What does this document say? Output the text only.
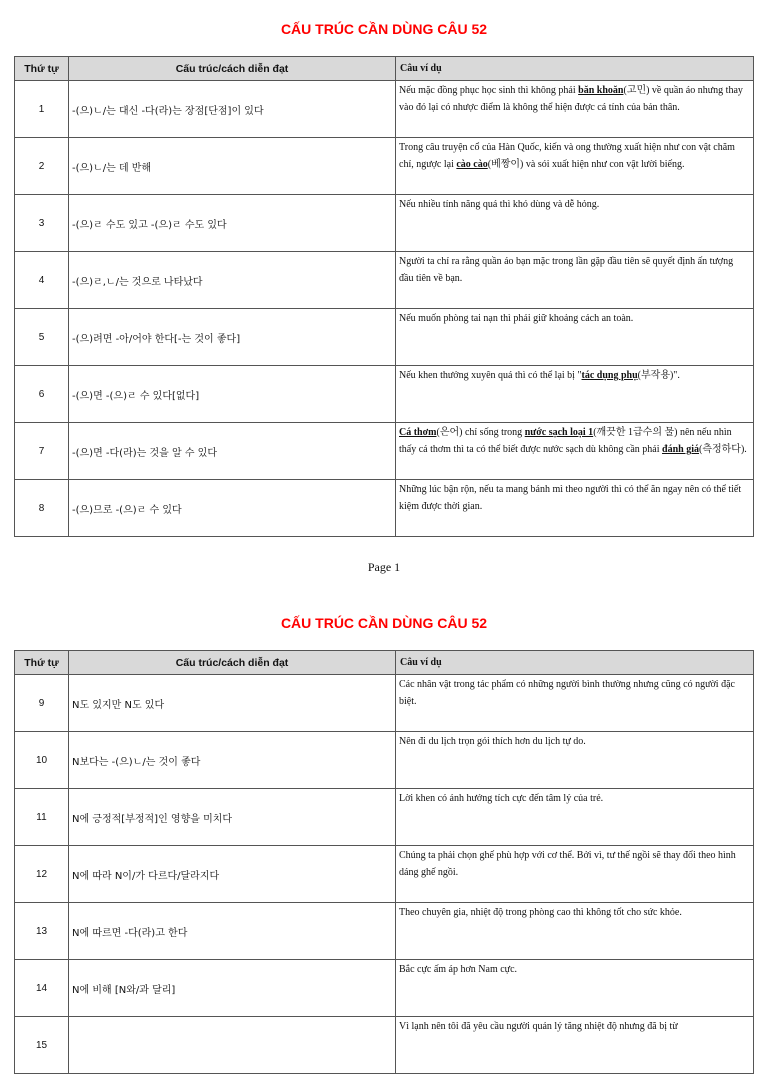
CẤU TRÚC CẦN DÙNG CÂU 52
Thứ tự	Cấu trúc/cách diễn đạt	Câu ví dụ
1	-(으)ㄴ/는 대신 -다(라)는 장점[단점]이 있다	Nếu mặc đồng phục học sinh thì không phải băn khoăn(고민) về quần áo nhưng thay vào đó lại có nhược điểm là không thể hiện được cá tính của bản thân.
2	-(으)ㄴ/는 데 반해	Trong câu truyện cổ của Hàn Quốc, kiến và ong thường xuất hiện như con vật chăm chỉ, ngược lại cào cào(베짱이) và sói xuất hiện như con vật lười biếng.
3	-(으)ㄹ 수도 있고 -(으)ㄹ 수도 있다	Nếu nhiều tính năng quá thì khó dùng và dễ hỏng.
4	-(으)ㄹ,ㄴ/는 것으로 나타났다	Người ta chỉ ra rằng quần áo bạn mặc trong lần gặp đầu tiên sẽ quyết định ấn tượng đầu tiên về bạn.
5	-(으)려면 -아/어야 한다[-는 것이 좋다]	Nếu muốn phòng tai nạn thì phải giữ khoảng cách an toàn.
6	-(으)면 -(으)ㄹ 수 있다[없다]	Nếu khen thưởng xuyên quá thì có thể lại bị "tác dụng phụ(부작용)".
7	-(으)면 -다(라)는 것을 알 수 있다	Cá thơm(은어) chỉ sống trong nước sạch loại 1(깨끗한 1급수의 물) nên nếu nhìn thấy cá thơm thì ta có thể biết được nước sạch dù không cần phải đánh giá(측정하다).
8	-(으)므로 -(으)ㄹ 수 있다	Những lúc bận rộn, nếu ta mang bánh mì theo người thì có thể ăn ngay nên có thể tiết kiệm được thời gian.
Page 1
CẤU TRÚC CẦN DÙNG CÂU 52
Thứ tự	Cấu trúc/cách diễn đạt	Câu ví dụ
9	N도 있지만 N도 있다	Các nhân vật trong tác phẩm có những người bình thường nhưng cũng có người đặc biệt.
10	N보다는 -(으)ㄴ/는 것이 좋다	Nên đi du lịch trọn gói thích hơn du lịch tự do.
11	N에 긍정적[부정적]인 영향을 미치다	Lời khen có ảnh hưởng tích cực đến tâm lý của trẻ.
12	N에 따라 N이/가 다르다/달라지다	Chúng ta phải chọn ghế phù hợp với cơ thể. Bởi vì, tư thế ngồi sẽ thay đổi theo hình dáng ghế ngồi.
13	N에 따르면 -다(라)고 한다	Theo chuyên gia, nhiệt độ trong phòng cao thì không tốt cho sức khỏe.
14	N에 비해 [N와/과 달리]	Bắc cực ấm áp hơn Nam cực.
15		Vì lạnh nên tôi đã yêu cầu người quản lý tăng nhiệt độ nhưng đã bị từ
